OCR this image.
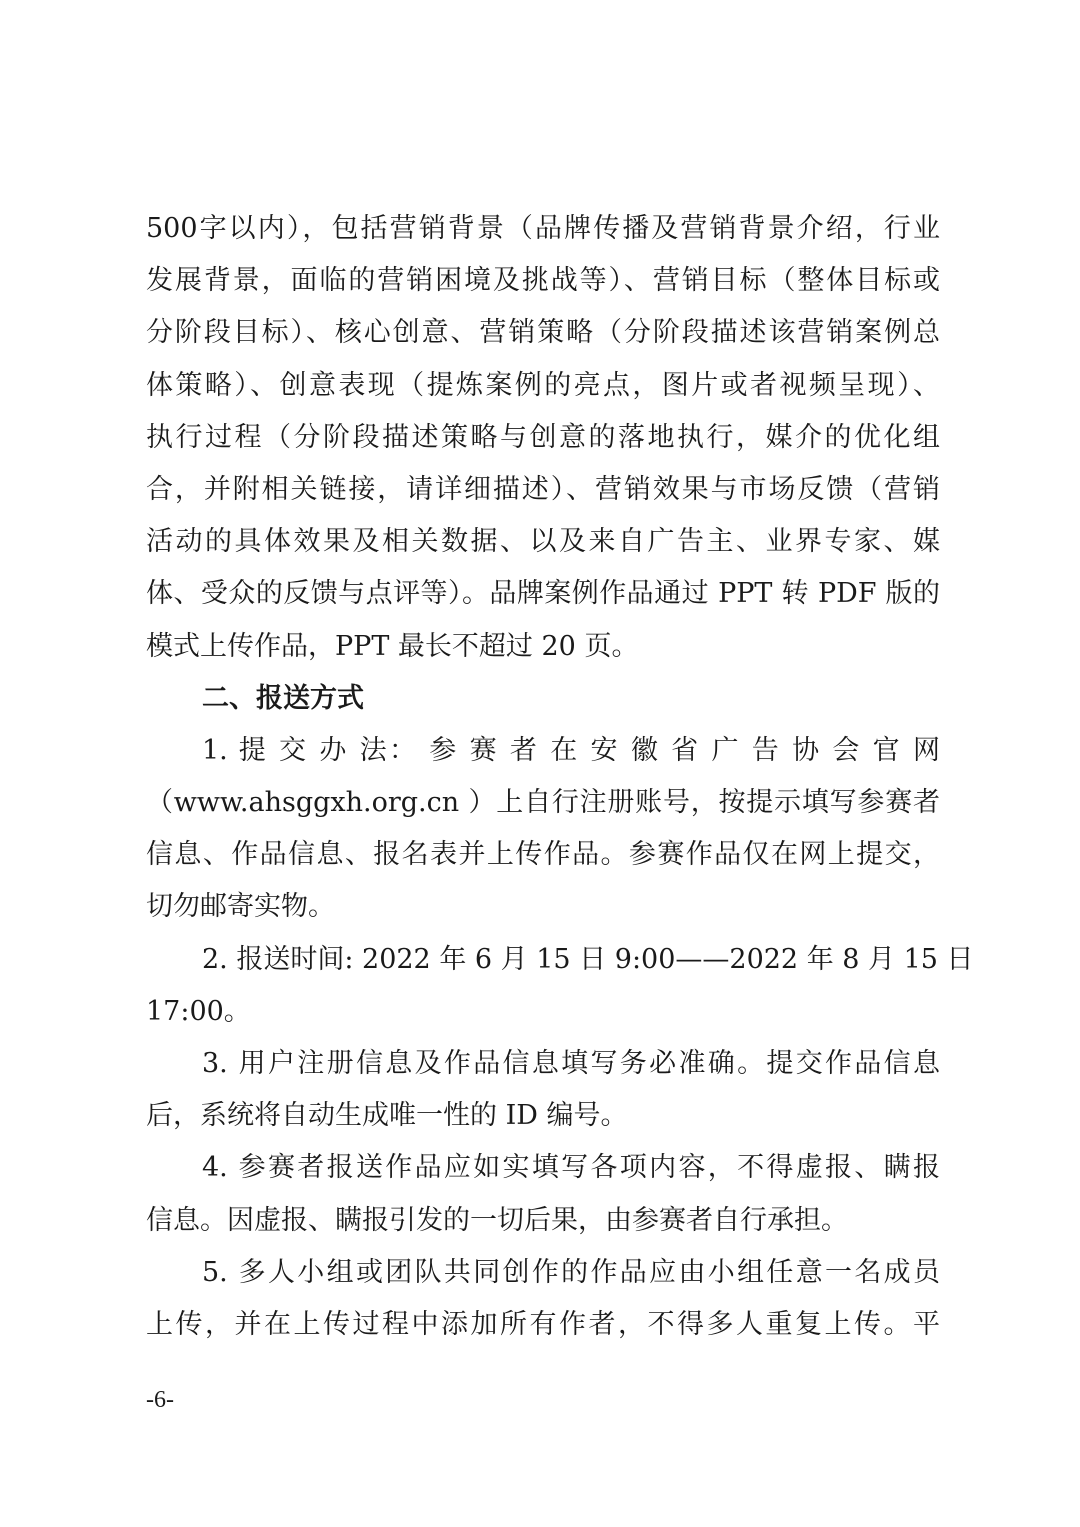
500字以内），包括营销背景（品牌传播及营销背景介绍，行业
发展背景，面临的营销困境及挑战等）、营销目标（整体目标或
分阶段目标）、核心创意、营销策略（分阶段描述该营销案例总
体策略）、创意表现（提炼案例的亮点，图片或者视频呈现）、
执行过程（分阶段描述策略与创意的落地执行，媒介的优化组
合，并附相关链接，请详细描述）、营销效果与市场反馈（营销
活动的具体效果及相关数据、以及来自广告主、业界专家、媒
体、受众的反馈与点评等）。品牌案例作品通过 PPT 转 PDF 版的
模式上传作品，PPT 最长不超过 20 页。
二、报送方式
1. 提 交 办 法： 参 赛 者 在 安 徽 省 广 告 协 会 官 网
（www.ahsggxh.org.cn ）上自行注册账号，按提示填写参赛者
信息、作品信息、报名表并上传作品。参赛作品仅在网上提交，
切勿邮寄实物。
2. 报送时间: 2022 年 6 月 15 日 9:00——2022 年 8 月 15 日
17:00。
3. 用户注册信息及作品信息填写务必准确。提交作品信息
后，系统将自动生成唯一性的 ID 编号。
4. 参赛者报送作品应如实填写各项内容，不得虚报、瞒报
信息。因虚报、瞒报引发的一切后果，由参赛者自行承担。
5. 多人小组或团队共同创作的作品应由小组任意一名成员
上传，并在上传过程中添加所有作者，不得多人重复上传。平
-6-
